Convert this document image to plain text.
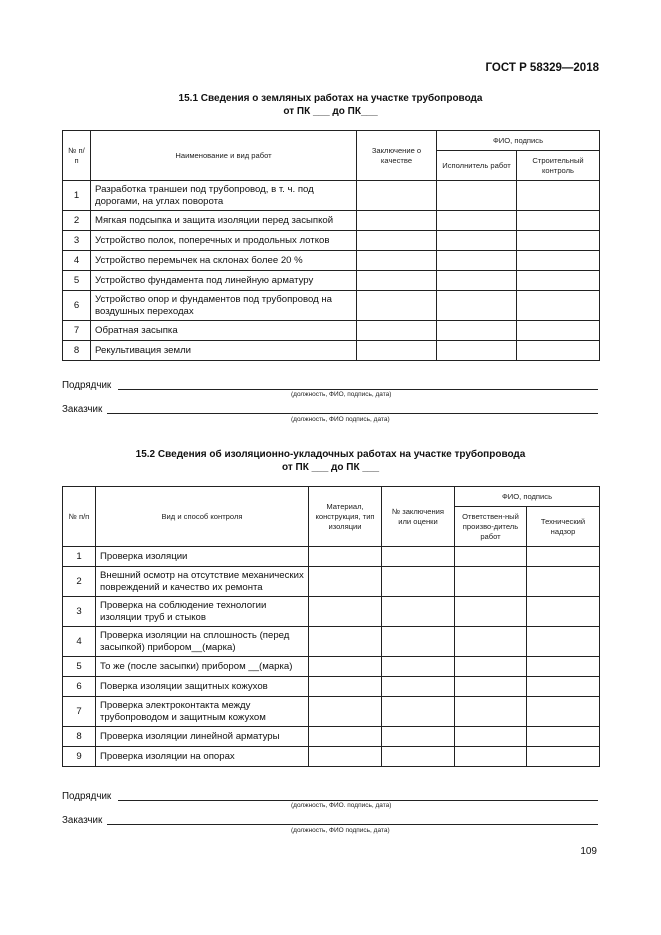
ГОСТ Р 58329—2018
15.1 Сведения о земляных работах на участке трубопровода
от ПК ___ до ПК___
№ п/п	Наименование и вид работ	Заключение о качестве	ФИО, подпись	
			Исполнитель работ	Строительный контроль
1	Разработка траншеи под трубопровод, в т. ч. под дорогами, на углах поворота			
2	Мягкая подсыпка и защита изоляции перед засыпкой			
3	Устройство полок, поперечных и продольных лотков			
4	Устройство перемычек на склонах более 20 %			
5	Устройство фундамента под линейную арматуру			
6	Устройство опор и фундаментов под трубопровод на воздушных переходах			
7	Обратная засыпка			
8	Рекультивация земли			
Подрядчик
(должность, ФИО, подпись, дата)
Заказчик
(должность, ФИО подпись, дата)
15.2 Сведения об изоляционно-укладочных работах на участке трубопровода
от ПК ___ до ПК ___
№ п/п	Вид и способ контроля	Материал, конструкция, тип изоляции	№ заключения или оценки	ФИО, подпись	
				Ответствен-ный произво-дитель работ	Технический надзор
1	Проверка изоляции				
2	Внешний осмотр на отсутствие механических повреждений и качество их ремонта				
3	Проверка на соблюдение технологии изоляции труб и стыков				
4	Проверка изоляции на сплошность (перед засыпкой) прибором__(марка)				
5	То же (после засыпки) прибором __(марка)				
6	Поверка изоляции защитных кожухов				
7	Проверка электроконтакта между трубопроводом и защитным кожухом				
8	Проверка изоляции линейной арматуры				
9	Проверка изоляции на опорах				
Подрядчик
(должность, ФИО. подпись, дата)
Заказчик
(должность, ФИО подпись, дата)
109
